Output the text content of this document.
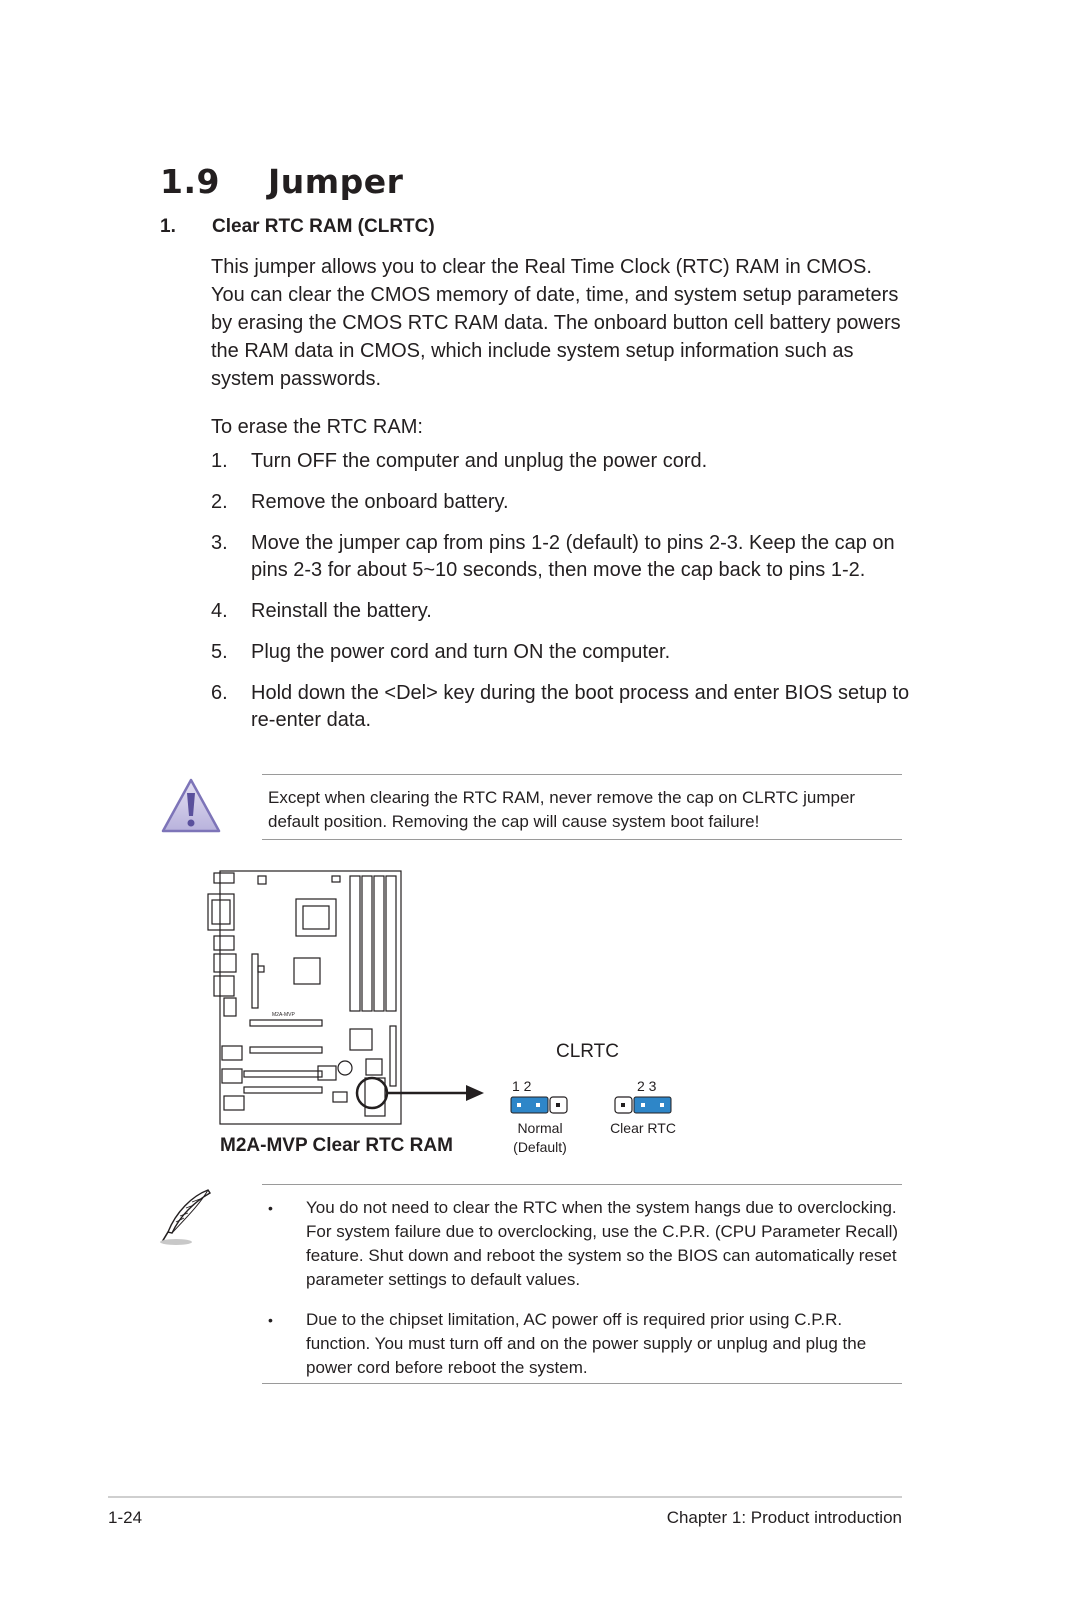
1.9 Jumper
1. Clear RTC RAM (CLRTC)
This jumper allows you to clear the Real Time Clock (RTC) RAM in CMOS. You can clear the CMOS memory of date, time, and system setup parameters by erasing the CMOS RTC RAM data. The onboard button cell battery powers the RAM data in CMOS, which include system setup information such as system passwords.
To erase the RTC RAM:
1.	Turn OFF the computer and unplug the power cord.
2.	Remove the onboard battery.
3.	Move the jumper cap from pins 1-2 (default) to pins 2-3. Keep the cap on pins 2-3 for about 5~10 seconds, then move the cap back to pins 1-2.
4.	Reinstall the battery.
5.	Plug the power cord and turn ON the computer.
6.	Hold down the <Del> key during the boot process and enter BIOS setup to re-enter data.
Except when clearing the RTC RAM, never remove the cap on CLRTC jumper default position. Removing the cap will cause system boot failure!
M2A-MVP
M2A-MVP Clear RTC RAM
CLRTC
1 2
Normal
(Default)
2 3
Clear RTC
•	You do not need to clear the RTC when the system hangs due to overclocking. For system failure due to overclocking, use the C.P.R. (CPU Parameter Recall) feature. Shut down and reboot the system so the BIOS can automatically reset parameter settings to default values.
•	Due to the chipset limitation, AC power off is required prior using C.P.R. function. You must turn off and on the power supply or unplug and plug the power cord before reboot the system.
1-24	Chapter 1: Product introduction
